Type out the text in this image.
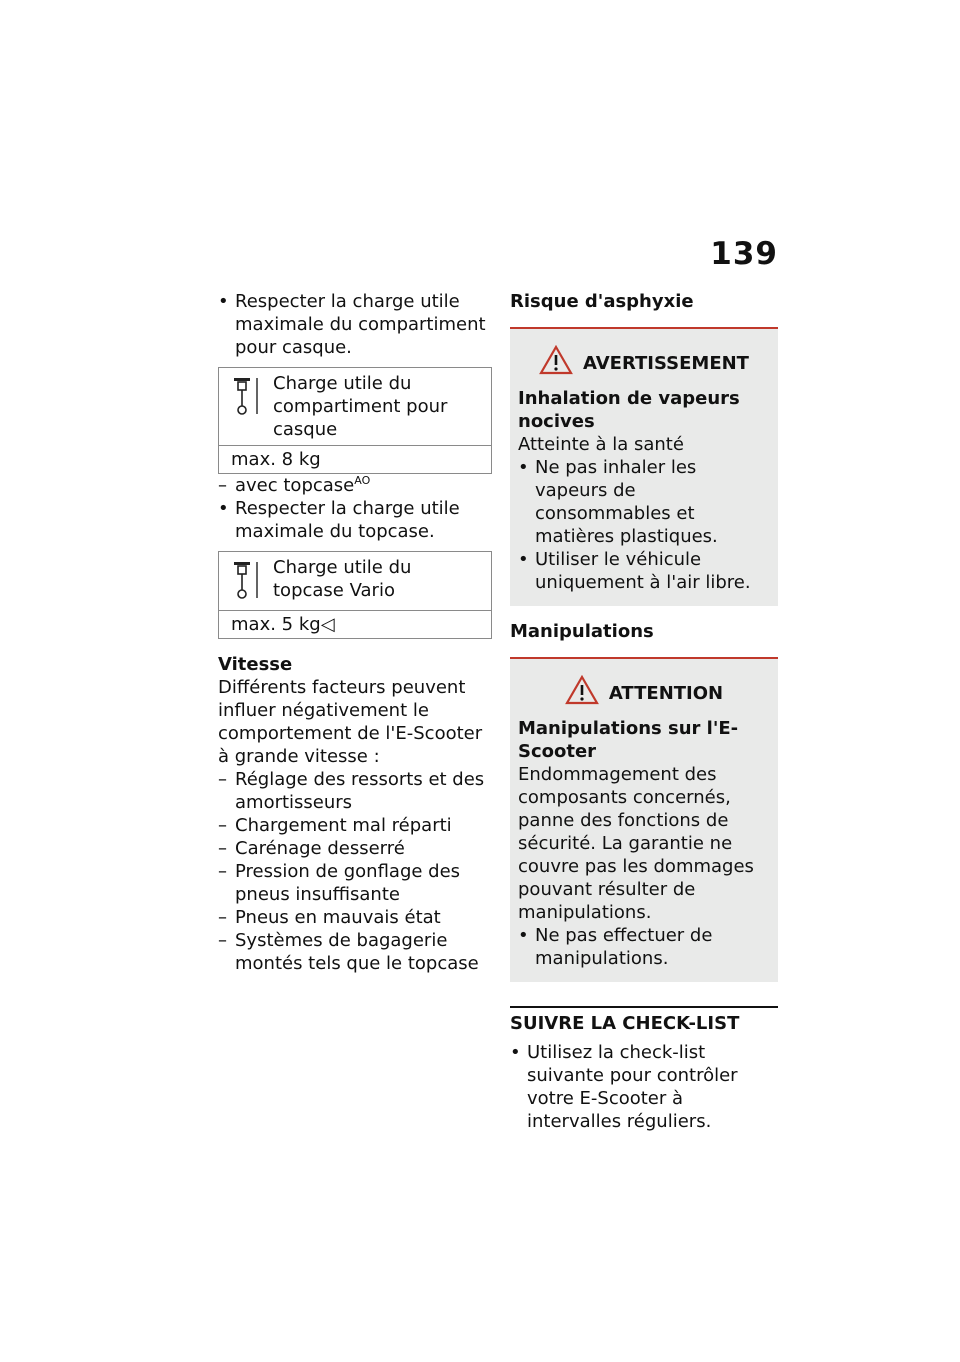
139
• Respecter la charge utile maximale du compartiment pour casque.
Charge utile du compartiment pour casque
max. 8 kg
– avec topcase$^{AO}$
• Respecter la charge utile maximale du topcase.
Charge utile du topcase Vario
max. 5 kg◁
Vitesse
Différents facteurs peuvent influer négativement le comportement de l'E-Scooter à grande vitesse :
– Réglage des ressorts et des amortisseurs
– Chargement mal réparti
– Carénage desserré
– Pression de gonflage des pneus insuffisante
– Pneus en mauvais état
– Systèmes de bagagerie montés tels que le topcase
Risque d'asphyxie
AVERTISSEMENT
Inhalation de vapeurs nocives
Atteinte à la santé
• Ne pas inhaler les vapeurs de consommables et matières plastiques.
• Utiliser le véhicule uniquement à l'air libre.
Manipulations
ATTENTION
Manipulations sur l'E-Scooter
Endommagement des composants concernés, panne des fonctions de sécurité. La garantie ne couvre pas les dommages pouvant résulter de manipulations.
• Ne pas effectuer de manipulations.
SUIVRE LA CHECK-LIST
• Utilisez la check-list suivante pour contrôler votre E-Scooter à intervalles réguliers.
